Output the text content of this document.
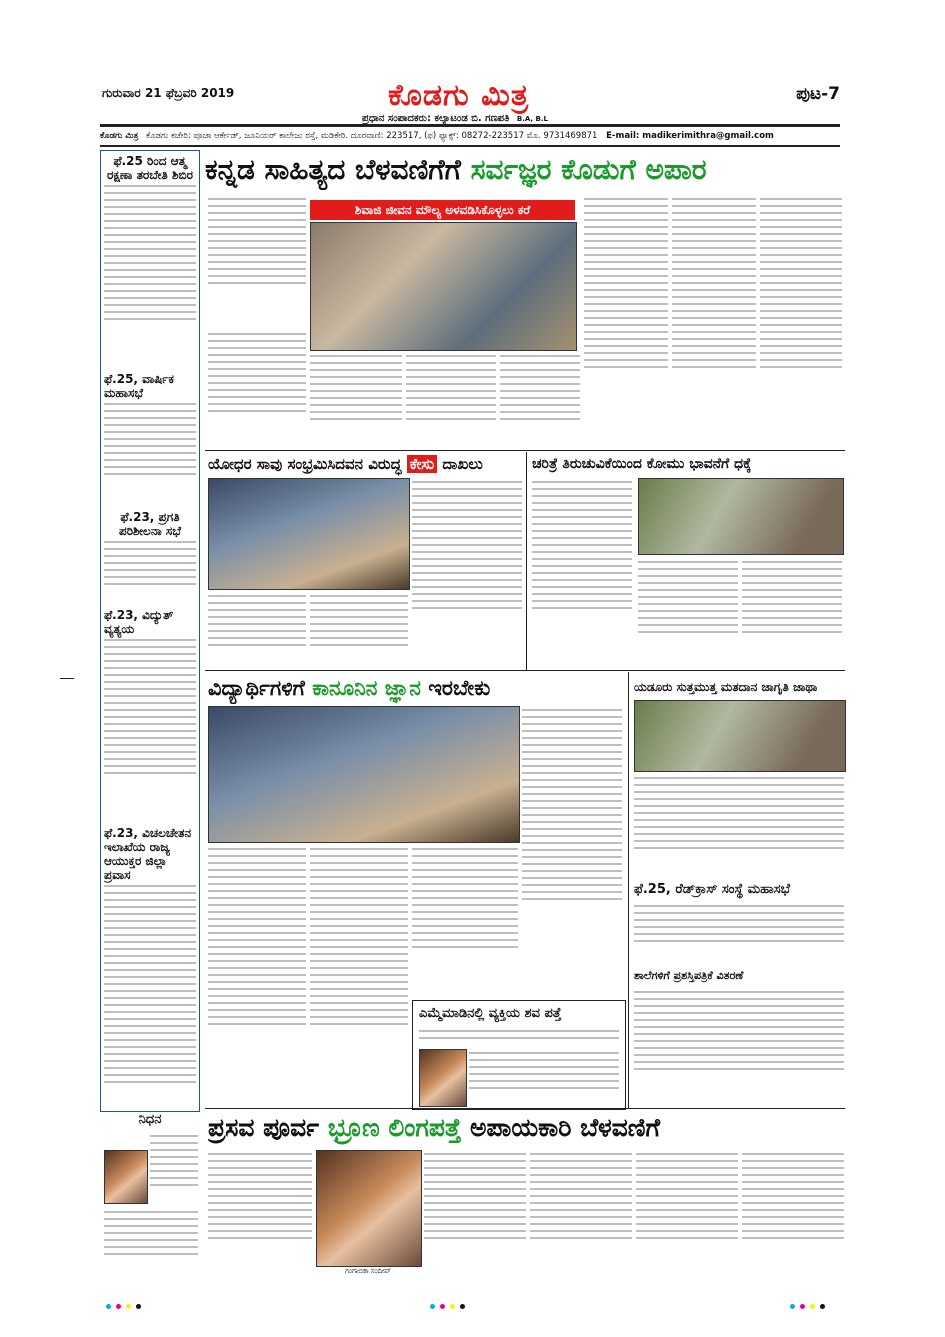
ಗುರುವಾರ 21 ಫೆಬ್ರವರಿ 2019	ಕೊಡಗು ಮಿತ್ರ
ಪ್ರಧಾನ ಸಂಪಾದಕರು: ಕಲ್ಯಾಟಂಡ ಬಿ. ಗಣಪತಿ B.A, B.L
ಪುಟ-7
ಕೊಡಗು ಮಿತ್ರ ಕೊಡಗು ಕಚೇರಿ: ಪೂಜಾ ಆರ್ಕೇಡ್, ಜೂನಿಯರ್ ಕಾಲೇಜು ರಸ್ತೆ, ಮಡಿಕೇರಿ. ದೂರವಾಣಿ: 223517, (ಫ) ಫ್ಯಾಕ್ಸ್: 08272-223517 ಮೊ. 9731469871 E-mail: madikerimithra@gmail.com
ಫೆ.25 ರಿಂದ ಆತ್ಮ ರಕ್ಷಣಾ ತರಬೇತಿ ಶಿಬಿರ
ಫೆ.25, ವಾರ್ಷಿಕ ಮಹಾಸಭೆ
ಫೆ.23, ಪ್ರಗತಿ ಪರಿಶೀಲನಾ ಸಭೆ
ಫೆ.23, ವಿದ್ಯುತ್ ವ್ಯತ್ಯಯ
ಫೆ.23, ವಿಚಲಚೇತನ ಇಲಾಖೆಯ ರಾಜ್ಯ ಆಯುಕ್ತರ ಜಿಲ್ಲಾ ಪ್ರವಾಸ
ನಿಧನ
ಕನ್ನಡ ಸಾಹಿತ್ಯದ ಬೆಳವಣಿಗೆಗೆ ಸರ್ವಜ್ಞರ ಕೊಡುಗೆ ಅಪಾರ
ಶಿವಾಜಿ ಜೀವನ ಮೌಲ್ಯ ಅಳವಡಿಸಿಕೊಳ್ಳಲು ಕರೆ
ಯೋಧರ ಸಾವು ಸಂಭ್ರಮಿಸಿದವನ ವಿರುದ್ಧ ಕೇಸು ದಾಖಲು	ಚರಿತ್ರೆ ತಿರುಚುವಿಕೆಯಿಂದ ಕೋಮು ಭಾವನೆಗೆ ಧಕ್ಕೆ
ವಿದ್ಯಾರ್ಥಿಗಳಿಗೆ ಕಾನೂನಿನ ಜ್ಞಾನ ಇರಬೇಕು
ಎಮ್ಮೆಮಾಡಿನಲ್ಲಿ ವ್ಯಕ್ತಿಯ ಶವ ಪತ್ತೆ
ಯಡೂರು ಸುತ್ತಮುತ್ತ ಮತದಾನ ಜಾಗೃತಿ ಜಾಥಾ
ಫೆ.25, ರೆಡ್‌ಕ್ರಾಸ್ ಸಂಸ್ಥೆ ಮಹಾಸಭೆ
ಶಾಲೆಗಳಿಗೆ ಪ್ರಶಸ್ತಿಪತ್ರಿಕೆ ವಿತರಣೆ
ಪ್ರಸವ ಪೂರ್ವ ಭ್ರೂಣ ಲಿಂಗಪತ್ತೆ ಅಪಾಯಕಾರಿ ಬೆಳವಣಿಗೆ
ಗಂಗಾಬಿಕಾ ಸಂದೀಪ್
